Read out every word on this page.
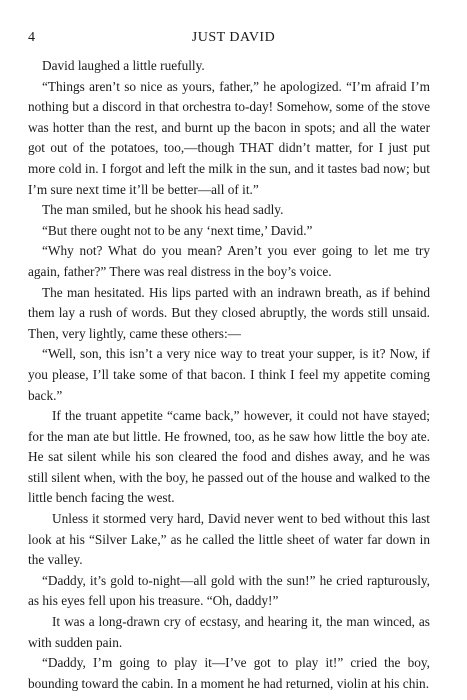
4	JUST DAVID

David laughed a little ruefully.

“Things aren’t so nice as yours, father,” he apologized. “I’m afraid I’m nothing but a discord in that orchestra to-day! Somehow, some of the stove was hotter than the rest, and burnt up the bacon in spots; and all the water got out of the potatoes, too,—though THAT didn’t matter, for I just put more cold in. I forgot and left the milk in the sun, and it tastes bad now; but I’m sure next time it’ll be better—all of it.”

The man smiled, but he shook his head sadly.

“But there ought not to be any ‘next time,’ David.”

“Why not? What do you mean? Aren’t you ever going to let me try again, father?” There was real distress in the boy’s voice.

The man hesitated. His lips parted with an indrawn breath, as if behind them lay a rush of words. But they closed abruptly, the words still unsaid. Then, very lightly, came these others:—

“Well, son, this isn’t a very nice way to treat your supper, is it? Now, if you please, I’ll take some of that bacon. I think I feel my appetite coming back.”

If the truant appetite “came back,” however, it could not have stayed; for the man ate but little. He frowned, too, as he saw how little the boy ate. He sat silent while his son cleared the food and dishes away, and he was still silent when, with the boy, he passed out of the house and walked to the little bench facing the west.

Unless it stormed very hard, David never went to bed without this last look at his “Silver Lake,” as he called the little sheet of water far down in the valley.

“Daddy, it’s gold to-night—all gold with the sun!” he cried rapturously, as his eyes fell upon his treasure. “Oh, daddy!”

It was a long-drawn cry of ecstasy, and hearing it, the man winced, as with sudden pain.

“Daddy, I’m going to play it—I’ve got to play it!” cried the boy, bounding toward the cabin. In a moment he had returned, violin at his chin.
